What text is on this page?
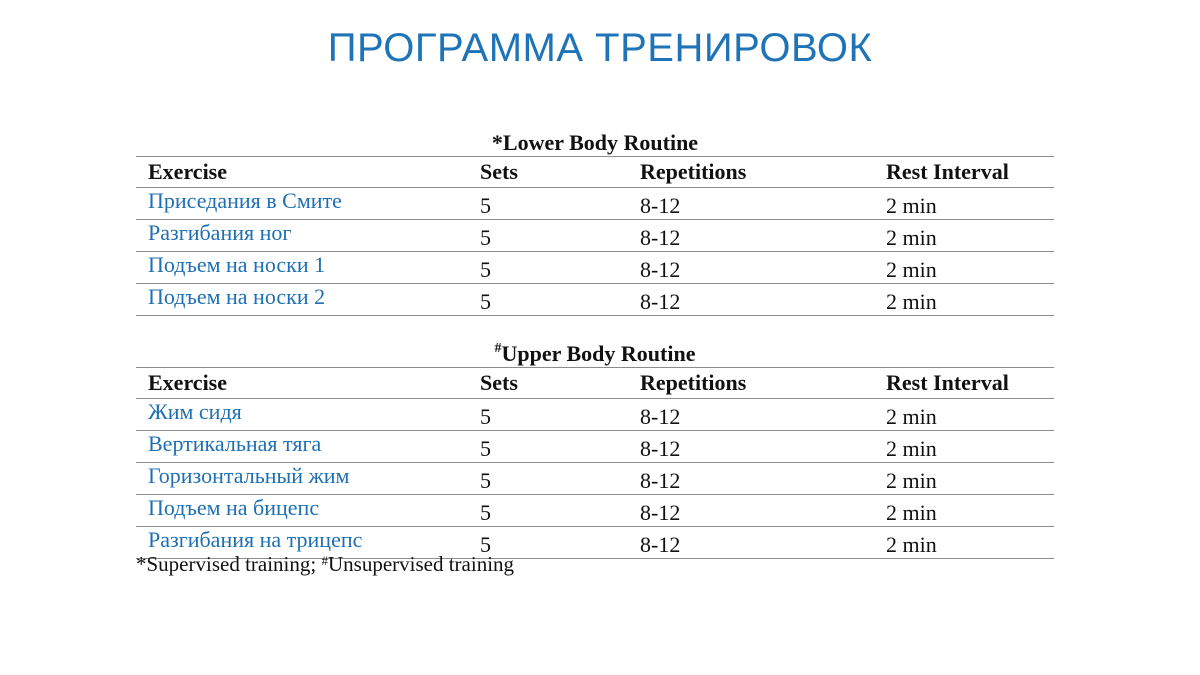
ПРОГРАММА ТРЕНИРОВОК
*Lower Body Routine
Exercise	Sets	Repetitions	Rest Interval
Приседания в Смите	5	8-12	2 min
Разгибания ног	5	8-12	2 min
Подъем на носки 1	5	8-12	2 min
Подъем на носки 2	5	8-12	2 min
#Upper Body Routine
Exercise	Sets	Repetitions	Rest Interval
Жим сидя	5	8-12	2 min
Вертикальная тяга	5	8-12	2 min
Горизонтальный жим	5	8-12	2 min
Подъем на бицепс	5	8-12	2 min
Разгибания на трицепс	5	8-12	2 min
*Supervised training; #Unsupervised training
